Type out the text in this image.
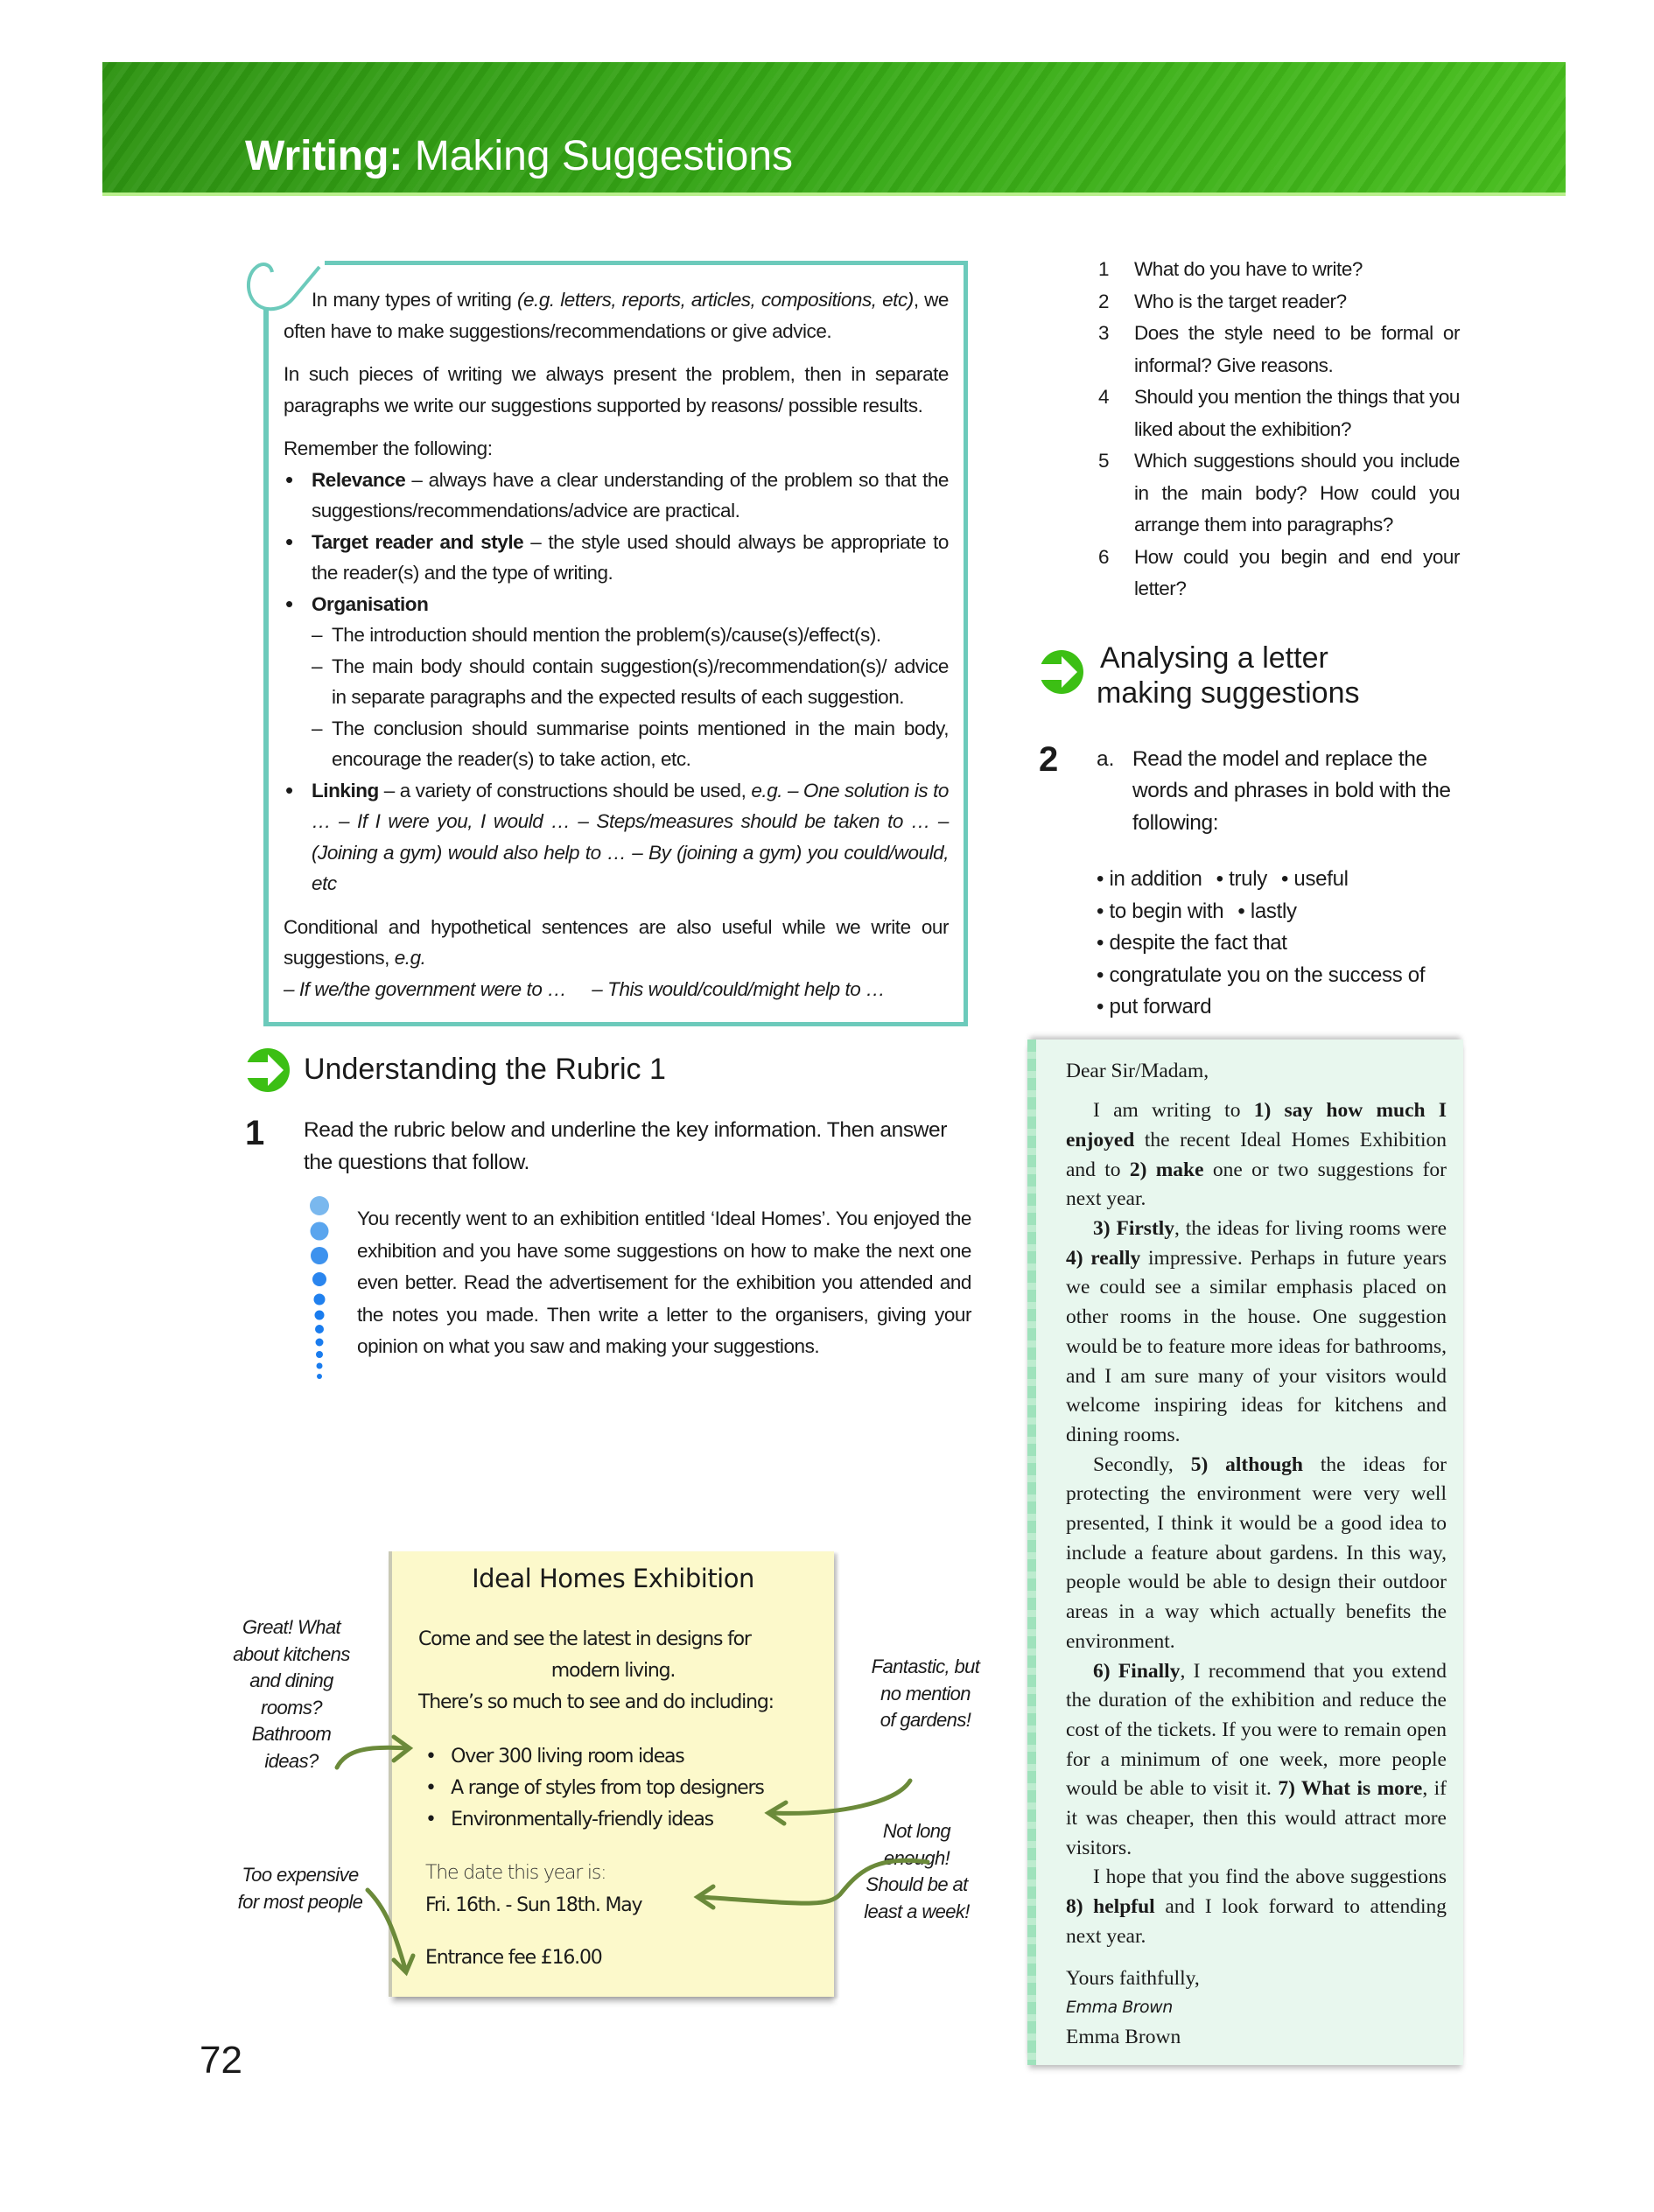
Writing: Making Suggestions

In many types of writing (e.g. letters, reports, articles, compositions, etc), we often have to make suggestions/recommendations or give advice.

In such pieces of writing we always present the problem, then in separate paragraphs we write our suggestions supported by reasons/ possible results.

Remember the following:

• Relevance – always have a clear understanding of the problem so that the suggestions/recommendations/advice are practical.
• Target reader and style – the style used should always be appropriate to the reader(s) and the type of writing.
• Organisation
– The introduction should mention the problem(s)/cause(s)/effect(s).
– The main body should contain suggestion(s)/recommendation(s)/ advice in separate paragraphs and the expected results of each suggestion.
– The conclusion should summarise points mentioned in the main body, encourage the reader(s) to take action, etc.
• Linking – a variety of constructions should be used, e.g. – One solution is to … – If I were you, I would … – Steps/measures should be taken to … – (Joining a gym) would also help to … – By (joining a gym) you could/would, etc

Conditional and hypothetical sentences are also useful while we write our suggestions, e.g.

– If we/the government were to … – This would/could/might help to …

Understanding the Rubric 1
1 Read the rubric below and underline the key information. Then answer the questions that follow.
You recently went to an exhibition entitled ‘Ideal Homes’. You enjoyed the exhibition and you have some suggestions on how to make the next one even better. Read the advertisement for the exhibition you attended and the notes you made. Then write a letter to the organisers, giving your opinion on what you saw and making your suggestions.
Ideal Homes Exhibition
Come and see the latest in designs for
modern living.
There’s so much to see and do including:
•   Over 300 living room ideas
•   A range of styles from top designers
•   Environmentally-friendly ideas
The date this year is:
Fri. 16th. - Sun 18th. May
Entrance fee £16.00
Great! What about kitchens and dining rooms? Bathroom ideas?
Too expensive for most people
Fantastic, but no mention of gardens!
Not long enough! Should be at least a week!
72
1 What do you have to write?
2 Who is the target reader?
3 Does the style need to be formal or informal? Give reasons.
4 Should you mention the things that you liked about the exhibition?
5 Which suggestions should you include in the main body? How could you arrange them into paragraphs?
6 How could you begin and end your letter?
Analysing a letter
making suggestions
2 a. Read the model and replace the words and phrases in bold with the following:
• in addition • truly • useful
• to begin with • lastly
• despite the fact that
• congratulate you on the success of
• put forward

Dear Sir/Madam,

I am writing to 1) say how much I enjoyed the recent Ideal Homes Exhibition and to 2) make one or two suggestions for next year.

3) Firstly, the ideas for living rooms were 4) really impressive. Perhaps in future years we could see a similar emphasis placed on other rooms in the house. One suggestion would be to feature more ideas for bathrooms, and I am sure many of your visitors would welcome inspiring ideas for kitchens and dining rooms.

Secondly, 5) although the ideas for protecting the environment were very well presented, I think it would be a good idea to include a feature about gardens. In this way, people would be able to design their outdoor areas in a way which actually benefits the environment.

6) Finally, I recommend that you extend the duration of the exhibition and reduce the cost of the tickets. If you were to remain open for a minimum of one week, more people would be able to visit it. 7) What is more, if it was cheaper, then this would attract more visitors.

I hope that you find the above suggestions 8) helpful and I look forward to attending next year.

Yours faithfully,

Emma Brown

Emma Brown
